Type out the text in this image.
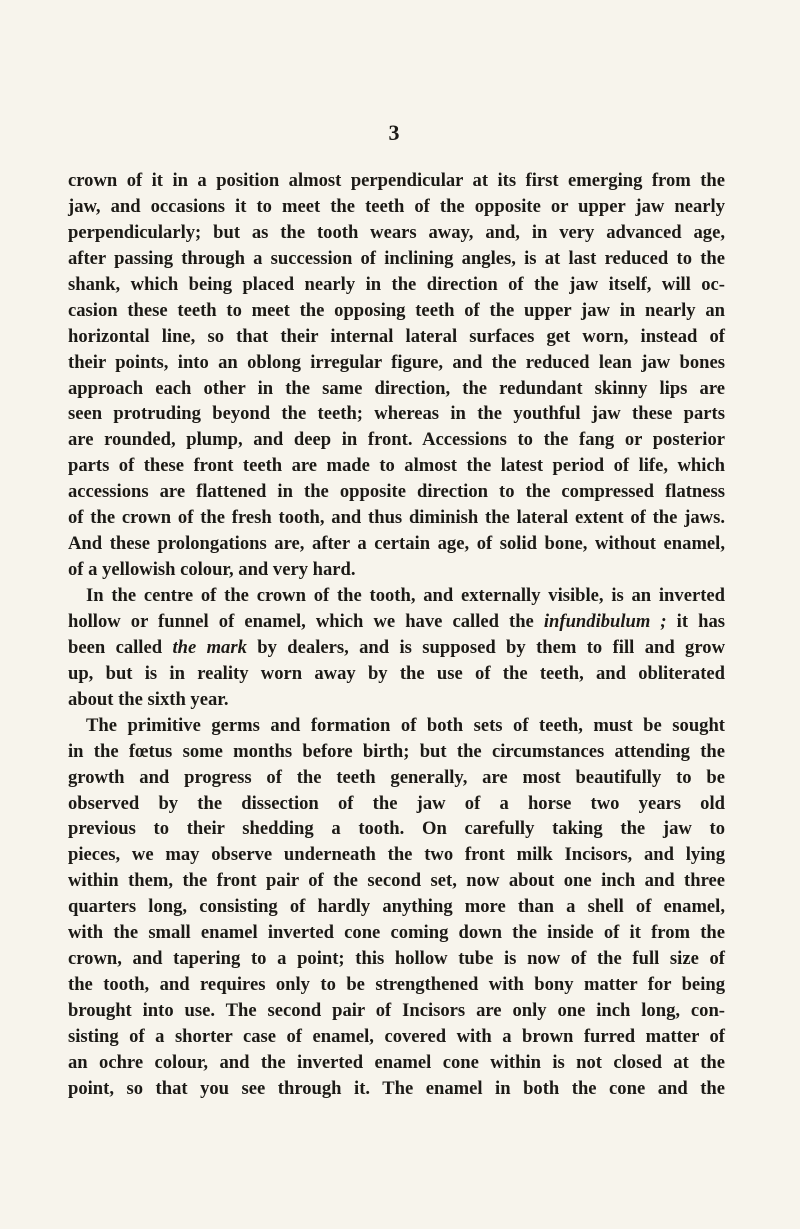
3
crown of it in a position almost perpendicular at its first emerging from the
jaw, and occasions it to meet the teeth of the opposite or upper jaw nearly
perpendicularly; but as the tooth wears away, and, in very advanced age,
after passing through a succession of inclining angles, is at last reduced to the
shank, which being placed nearly in the direction of the jaw itself, will oc-
casion these teeth to meet the opposing teeth of the upper jaw in nearly an
horizontal line, so that their internal lateral surfaces get worn, instead of
their points, into an oblong irregular figure, and the reduced lean jaw bones
approach each other in the same direction, the redundant skinny lips are
seen protruding beyond the teeth; whereas in the youthful jaw these parts
are rounded, plump, and deep in front. Accessions to the fang or posterior
parts of these front teeth are made to almost the latest period of life, which
accessions are flattened in the opposite direction to the compressed flatness
of the crown of the fresh tooth, and thus diminish the lateral extent of the jaws.
And these prolongations are, after a certain age, of solid bone, without enamel,
of a yellowish colour, and very hard.
In the centre of the crown of the tooth, and externally visible, is an inverted
hollow or funnel of enamel, which we have called the infundibulum ; it has
been called the mark by dealers, and is supposed by them to fill and grow
up, but is in reality worn away by the use of the teeth, and obliterated
about the sixth year.
The primitive germs and formation of both sets of teeth, must be sought
in the fœtus some months before birth; but the circumstances attending the
growth and progress of the teeth generally, are most beautifully to be
observed by the dissection of the jaw of a horse two years old
previous to their shedding a tooth. On carefully taking the jaw to
pieces, we may observe underneath the two front milk Incisors, and lying
within them, the front pair of the second set, now about one inch and three
quarters long, consisting of hardly anything more than a shell of enamel,
with the small enamel inverted cone coming down the inside of it from the
crown, and tapering to a point; this hollow tube is now of the full size of
the tooth, and requires only to be strengthened with bony matter for being
brought into use. The second pair of Incisors are only one inch long, con-
sisting of a shorter case of enamel, covered with a brown furred matter of
an ochre colour, and the inverted enamel cone within is not closed at the
point, so that you see through it. The enamel in both the cone and the
